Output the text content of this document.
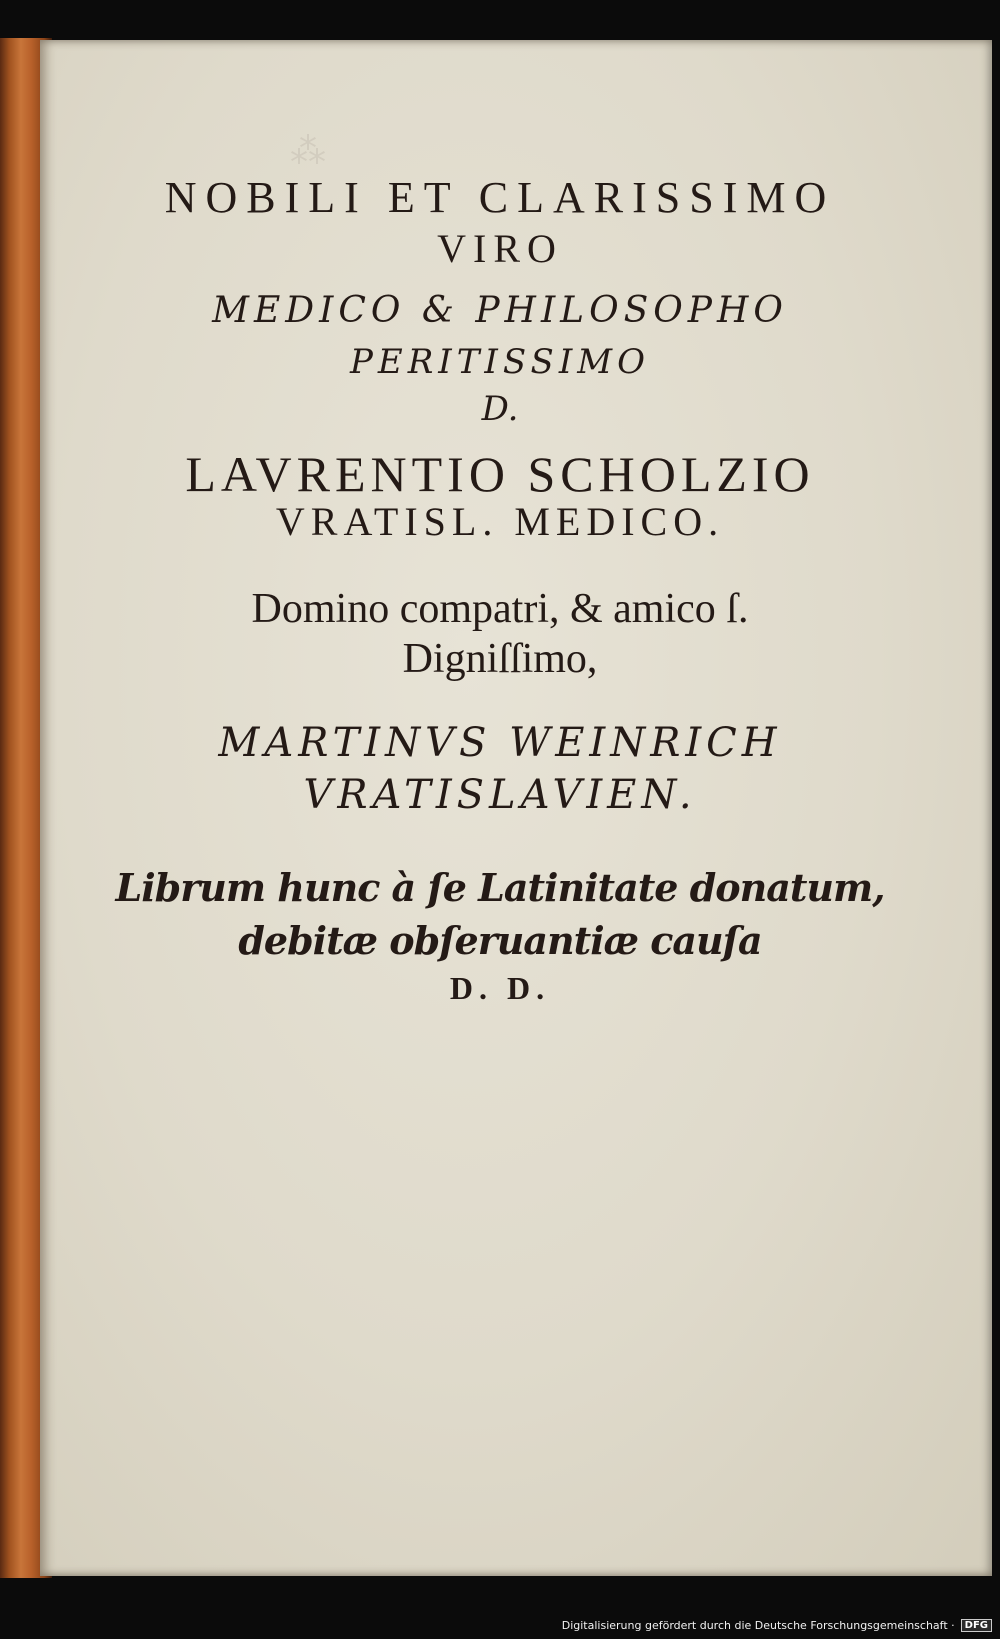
⁂
NOBILI ET CLARISSIMO
VIRO
MEDICO & PHILOSOPHO
PERITISSIMO
D.
LAVRENTIO SCHOLZIO
VRATISL. MEDICO.
Domino compatri, & amico ſ.
Digniſſimo,
MARTINVS WEINRICH
VRATISLAVIEN.
Librum hunc à ſe Latinitate donatum,
debitæ obſeruantiæ cauſa
D. D.
Digitalisierung gefördert durch die Deutsche Forschungsgemeinschaft ·	DFG
